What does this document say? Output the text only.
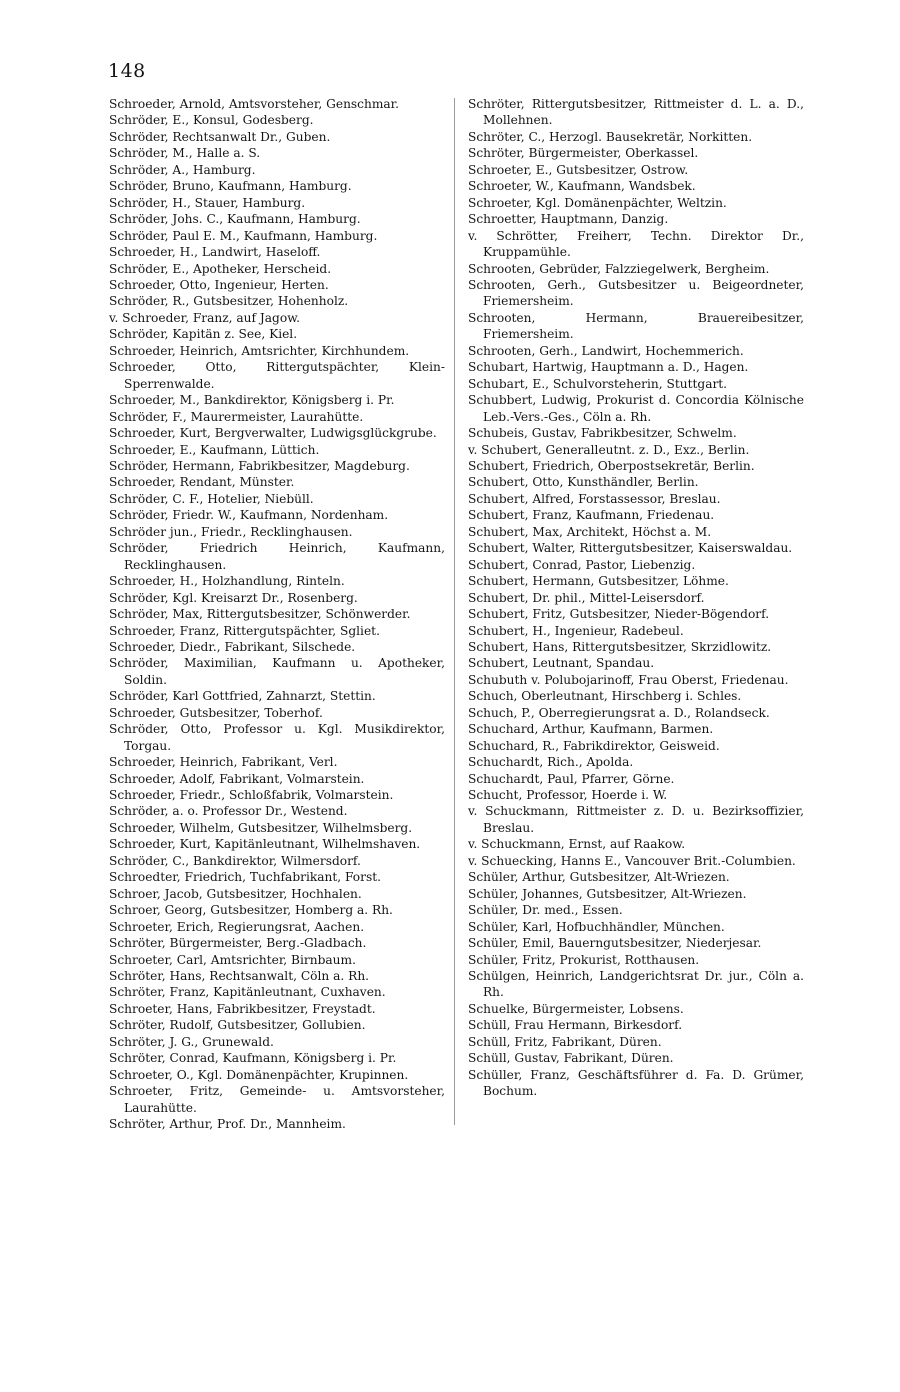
148

Schroeder, Arnold, Amtsvorsteher, Genschmar.

Schröder, E., Konsul, Godesberg.

Schröder, Rechtsanwalt Dr., Guben.

Schröder, M., Halle a. S.

Schröder, A., Hamburg.

Schröder, Bruno, Kaufmann, Hamburg.

Schröder, H., Stauer, Hamburg.

Schröder, Johs. C., Kaufmann, Hamburg.

Schröder, Paul E. M., Kaufmann, Hamburg.

Schroeder, H., Landwirt, Haseloff.

Schröder, E., Apotheker, Herscheid.

Schroeder, Otto, Ingenieur, Herten.

Schröder, R., Gutsbesitzer, Hohenholz.

v. Schroeder, Franz, auf Jagow.

Schröder, Kapitän z. See, Kiel.

Schroeder, Heinrich, Amtsrichter, Kirchhundem.

Schroeder, Otto, Rittergutspächter, Klein-Sperrenwalde.

Schroeder, M., Bankdirektor, Königsberg i. Pr.

Schröder, F., Maurermeister, Laurahütte.

Schroeder, Kurt, Bergverwalter, Ludwigsglückgrube.

Schroeder, E., Kaufmann, Lüttich.

Schröder, Hermann, Fabrikbesitzer, Magdeburg.

Schroeder, Rendant, Münster.

Schröder, C. F., Hotelier, Niebüll.

Schröder, Friedr. W., Kaufmann, Nordenham.

Schröder jun., Friedr., Recklinghausen.

Schröder, Friedrich Heinrich, Kaufmann, Recklinghausen.

Schroeder, H., Holzhandlung, Rinteln.

Schröder, Kgl. Kreisarzt Dr., Rosenberg.

Schröder, Max, Rittergutsbesitzer, Schönwerder.

Schroeder, Franz, Rittergutspächter, Sgliet.

Schroeder, Diedr., Fabrikant, Silschede.

Schröder, Maximilian, Kaufmann u. Apotheker, Soldin.

Schröder, Karl Gottfried, Zahnarzt, Stettin.

Schroeder, Gutsbesitzer, Toberhof.

Schröder, Otto, Professor u. Kgl. Musikdirektor, Torgau.

Schroeder, Heinrich, Fabrikant, Verl.

Schroeder, Adolf, Fabrikant, Volmarstein.

Schroeder, Friedr., Schloßfabrik, Volmarstein.

Schröder, a. o. Professor Dr., Westend.

Schroeder, Wilhelm, Gutsbesitzer, Wilhelmsberg.

Schroeder, Kurt, Kapitänleutnant, Wilhelmshaven.

Schröder, C., Bankdirektor, Wilmersdorf.

Schroedter, Friedrich, Tuchfabrikant, Forst.

Schroer, Jacob, Gutsbesitzer, Hochhalen.

Schroer, Georg, Gutsbesitzer, Homberg a. Rh.

Schroeter, Erich, Regierungsrat, Aachen.

Schröter, Bürgermeister, Berg.-Gladbach.

Schroeter, Carl, Amtsrichter, Birnbaum.

Schröter, Hans, Rechtsanwalt, Cöln a. Rh.

Schröter, Franz, Kapitänleutnant, Cuxhaven.

Schroeter, Hans, Fabrikbesitzer, Freystadt.

Schröter, Rudolf, Gutsbesitzer, Gollubien.

Schröter, J. G., Grunewald.

Schröter, Conrad, Kaufmann, Königsberg i. Pr.

Schroeter, O., Kgl. Domänenpächter, Krupinnen.

Schroeter, Fritz, Gemeinde- u. Amtsvorsteher, Laurahütte.

Schröter, Arthur, Prof. Dr., Mannheim.

Schröter, Rittergutsbesitzer, Rittmeister d. L. a. D., Mollehnen.

Schröter, C., Herzogl. Bausekretär, Norkitten.

Schröter, Bürgermeister, Oberkassel.

Schroeter, E., Gutsbesitzer, Ostrow.

Schroeter, W., Kaufmann, Wandsbek.

Schroeter, Kgl. Domänenpächter, Weltzin.

Schroetter, Hauptmann, Danzig.

v. Schrötter, Freiherr, Techn. Direktor Dr., Kruppamühle.

Schrooten, Gebrüder, Falzziegelwerk, Bergheim.

Schrooten, Gerh., Gutsbesitzer u. Beigeordneter, Friemersheim.

Schrooten, Hermann, Brauereibesitzer, Friemersheim.

Schrooten, Gerh., Landwirt, Hochemmerich.

Schubart, Hartwig, Hauptmann a. D., Hagen.

Schubart, E., Schulvorsteherin, Stuttgart.

Schubbert, Ludwig, Prokurist d. Concordia Kölnische Leb.-Vers.-Ges., Cöln a. Rh.

Schubeis, Gustav, Fabrikbesitzer, Schwelm.

v. Schubert, Generalleutnt. z. D., Exz., Berlin.

Schubert, Friedrich, Oberpostsekretär, Berlin.

Schubert, Otto, Kunsthändler, Berlin.

Schubert, Alfred, Forstassessor, Breslau.

Schubert, Franz, Kaufmann, Friedenau.

Schubert, Max, Architekt, Höchst a. M.

Schubert, Walter, Rittergutsbesitzer, Kaiserswaldau.

Schubert, Conrad, Pastor, Liebenzig.

Schubert, Hermann, Gutsbesitzer, Löhme.

Schubert, Dr. phil., Mittel-Leisersdorf.

Schubert, Fritz, Gutsbesitzer, Nieder-Bögendorf.

Schubert, H., Ingenieur, Radebeul.

Schubert, Hans, Rittergutsbesitzer, Skrzidlowitz.

Schubert, Leutnant, Spandau.

Schubuth v. Polubojarinoff, Frau Oberst, Friedenau.

Schuch, Oberleutnant, Hirschberg i. Schles.

Schuch, P., Oberregierungsrat a. D., Rolandseck.

Schuchard, Arthur, Kaufmann, Barmen.

Schuchard, R., Fabrikdirektor, Geisweid.

Schuchardt, Rich., Apolda.

Schuchardt, Paul, Pfarrer, Görne.

Schucht, Professor, Hoerde i. W.

v. Schuckmann, Rittmeister z. D. u. Bezirksoffizier, Breslau.

v. Schuckmann, Ernst, auf Raakow.

v. Schuecking, Hanns E., Vancouver Brit.-Columbien.

Schüler, Arthur, Gutsbesitzer, Alt-Wriezen.

Schüler, Johannes, Gutsbesitzer, Alt-Wriezen.

Schüler, Dr. med., Essen.

Schüler, Karl, Hofbuchhändler, München.

Schüler, Emil, Bauerngutsbesitzer, Niederjesar.

Schüler, Fritz, Prokurist, Rotthausen.

Schülgen, Heinrich, Landgerichtsrat Dr. jur., Cöln a. Rh.

Schuelke, Bürgermeister, Lobsens.

Schüll, Frau Hermann, Birkesdorf.

Schüll, Fritz, Fabrikant, Düren.

Schüll, Gustav, Fabrikant, Düren.

Schüller, Franz, Geschäftsführer d. Fa. D. Grümer, Bochum.
